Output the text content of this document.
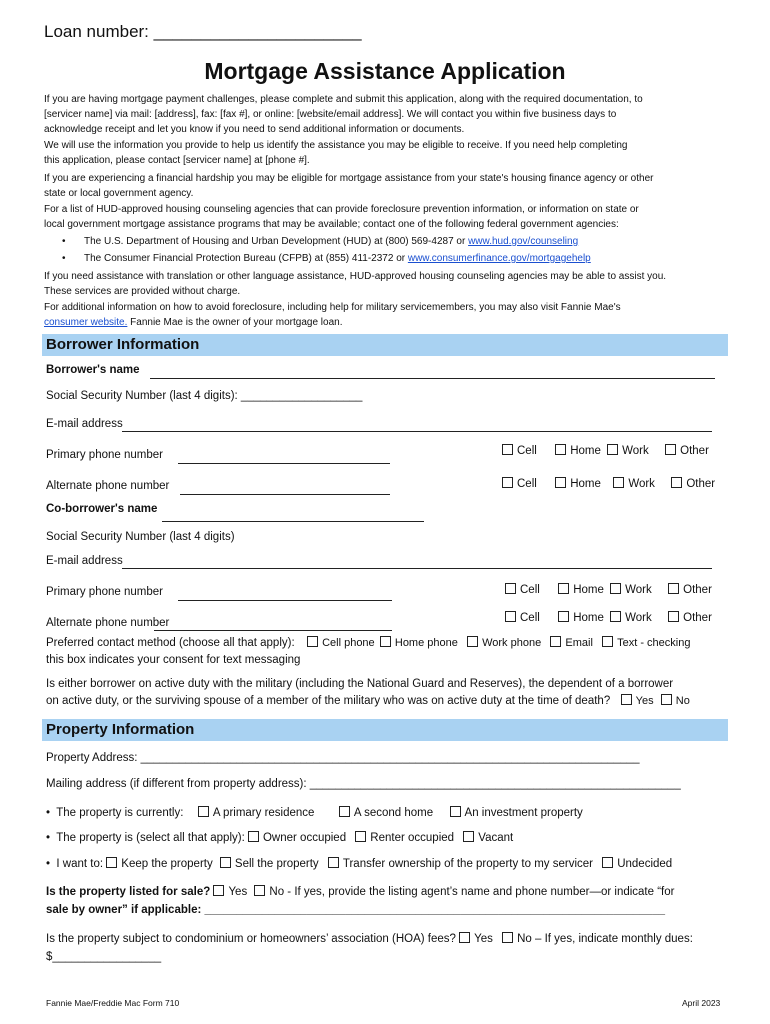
Loan number: ______________________
Mortgage Assistance Application
If you are having mortgage payment challenges, please complete and submit this application, along with the required documentation, to
[servicer name] via mail: [address], fax: [fax #], or online: [website/email address]. We will contact you within five business days to
acknowledge receipt and let you know if you need to send additional information or documents.
We will use the information you provide to help us identify the assistance you may be eligible to receive. If you need help completing
this application, please contact [servicer name] at [phone #].
If you are experiencing a financial hardship you may be eligible for mortgage assistance from your state's housing finance agency or other
state or local government agency.
For a list of HUD-approved housing counseling agencies that can provide foreclosure prevention information, or information on state or
local government mortgage assistance programs that may be available; contact one of the following federal government agencies:
• The U.S. Department of Housing and Urban Development (HUD) at (800) 569-4287 or www.hud.gov/counseling
• The Consumer Financial Protection Bureau (CFPB) at (855) 411-2372 or www.consumerfinance.gov/mortgagehelp
If you need assistance with translation or other language assistance, HUD-approved housing counseling agencies may be able to assist you.
These services are provided without charge.
For additional information on how to avoid foreclosure, including help for military servicemembers, you may also visit Fannie Mae's
consumer website. Fannie Mae is the owner of your mortgage loan.
Borrower Information
Borrower's name
Social Security Number (last 4 digits): ___________________
E-mail address
Primary phone number	Cell	Home Work	Other
Alternate phone number	Cell	Home Work	Other
Co-borrower's name
Social Security Number (last 4 digits)
E-mail address
Primary phone number	Cell	Home Work	Other
Alternate phone number	Cell	Home Work	Other
Preferred contact method (choose all that apply): Cell phone Home phone Work phone Email Text - checking
this box indicates your consent for text messaging
Is either borrower on active duty with the military (including the National Guard and Reserves), the dependent of a borrower
on active duty, or the surviving spouse of a member of the military who was on active duty at the time of death? Yes No
Property Information
Property Address: ______________________________________________________________________________
Mailing address (if different from property address): __________________________________________________________
• The property is currently:	A primary residence	A second home	An investment property
• The property is (select all that apply): Owner occupied Renter occupied Vacant
• I want to: Keep the property Sell the property Transfer ownership of the property to my servicer Undecided
Is the property listed for sale? Yes No - If yes, provide the listing agent’s name and phone number—or indicate “for
sale by owner” if applicable: ________________________________________________________________________
Is the property subject to condominium or homeowners’ association (HOA) fees? Yes No – If yes, indicate monthly dues:
$_________________
Fannie Mae/Freddie Mac Form 710	April 2023
